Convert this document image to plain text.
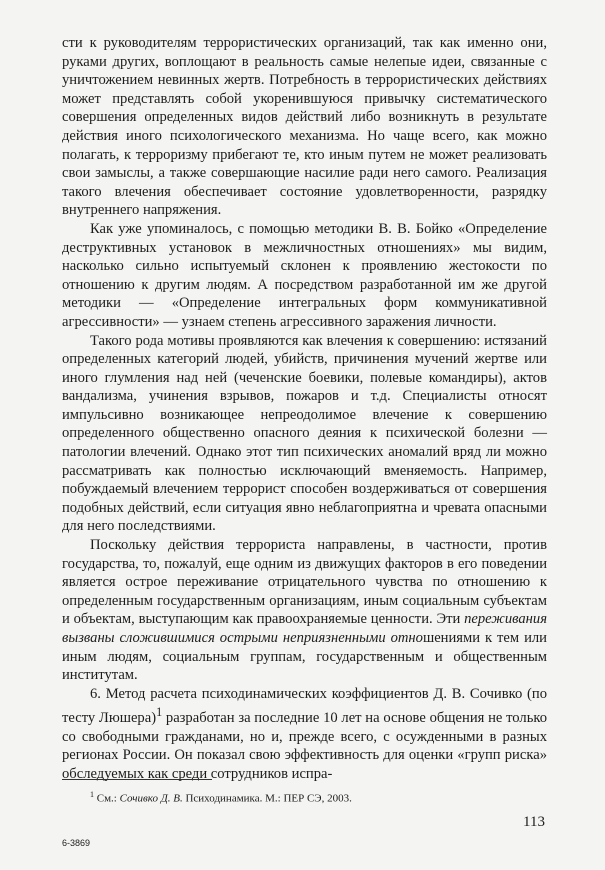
сти к руководителям террористических организаций, так как именно они, руками других, воплощают в реальность самые нелепые идеи, связанные с уничтожением невинных жертв. Потребность в террористических действиях может представлять собой укоренившуюся привычку систематического совершения определенных видов действий либо возникнуть в результате действия иного психологического механизма. Но чаще всего, как можно полагать, к терроризму прибегают те, кто иным путем не может реализовать свои замыслы, а также совершающие насилие ради него самого. Реализация такого влечения обеспечивает состояние удовлетворенности, разрядку внутреннего напряжения.

Как уже упоминалось, с помощью методики В. В. Бойко «Определение деструктивных установок в межличностных отношениях» мы видим, насколько сильно испытуемый склонен к проявлению жестокости по отношению к другим людям. А посредством разработанной им же другой методики — «Определение интегральных форм коммуникативной агрессивности» — узнаем степень агрессивного заражения личности.

Такого рода мотивы проявляются как влечения к совершению: истязаний определенных категорий людей, убийств, причинения мучений жертве или иного глумления над ней (чеченские боевики, полевые командиры), актов вандализма, учинения взрывов, пожаров и т.д. Специалисты относят импульсивно возникающее непреодолимое влечение к совершению определенного общественно опасного деяния к психической болезни — патологии влечений. Однако этот тип психических аномалий вряд ли можно рассматривать как полностью исключающий вменяемость. Например, побуждаемый влечением террорист способен воздерживаться от совершения подобных действий, если ситуация явно неблагоприятна и чревата опасными для него последствиями.

Поскольку действия террориста направлены, в частности, против государства, то, пожалуй, еще одним из движущих факторов в его поведении является острое переживание отрицательного чувства по отношению к определенным государственным организациям, иным социальным субъектам и объектам, выступающим как правоохраняемые ценности. Эти переживания вызваны сложившимися острыми неприязненными отношениями к тем или иным людям, социальным группам, государственным и общественным институтам.

6. Метод расчета психодинамических коэффициентов Д. В. Сочивко (по тесту Люшера)$^1$ разработан за последние 10 лет на основе общения не только со свободными гражданами, но и, прежде всего, с осужденными в разных регионах России. Он показал свою эффективность для оценки «групп риска» обследуемых как среди сотрудников испра-

$^1$ См.: Сочивко Д. В. Психодинамика. М.: ПЕР СЭ, 2003.
113
6-3869
